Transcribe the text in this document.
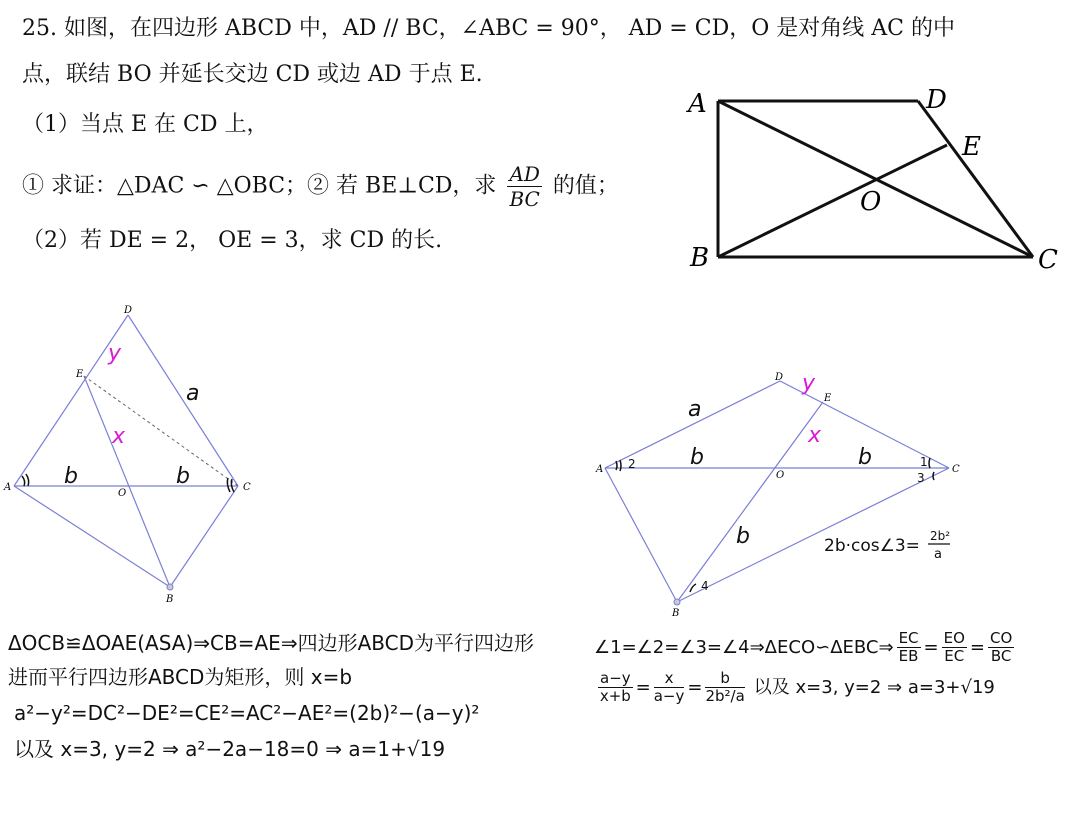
25. 如图，在四边形 ABCD 中，AD // BC，∠ABC = 90°， AD = CD，O 是对角线 AC 的中
点，联结 BO 并延长交边 CD 或边 AD 于点 E.
（1）当点 E 在 CD 上，
① 求证：△DAC ∽ △OBC；② 若 BE⊥CD，求 $\frac{AD}{BC}$ 的值；
（2）若 DE = 2， OE = 3，求 CD 的长.
A	D
E
O
B	C
D
E
A
O
C
B
y
a
x
b	b
D
E
A
O
C
B
y
a
x
b	b
b
2	1
3
4
2b·cos∠3= 2b²
a
ΔOCB≌ΔOAE(ASA)⇒CB=AE⇒四边形ABCD为平行四边形
进而平行四边形ABCD为矩形，则 x=b
a²−y²=DC²−DE²=CE²=AC²−AE²=(2b)²−(a−y)²
以及 x=3, y=2 ⇒ a²−2a−18=0 ⇒ a=1+√19
∠1=∠2=∠3=∠4⇒ΔECO∽ΔEBC⇒ $\frac{EC}{EB} = \frac{EO}{EC} = \frac{CO}{BC}$
$\frac{a-y}{x+b} = \frac{x}{a-y} = \frac{b}{\text{2b²/a}}$ 以及 x=3, y=2 ⇒ a=3+√19
